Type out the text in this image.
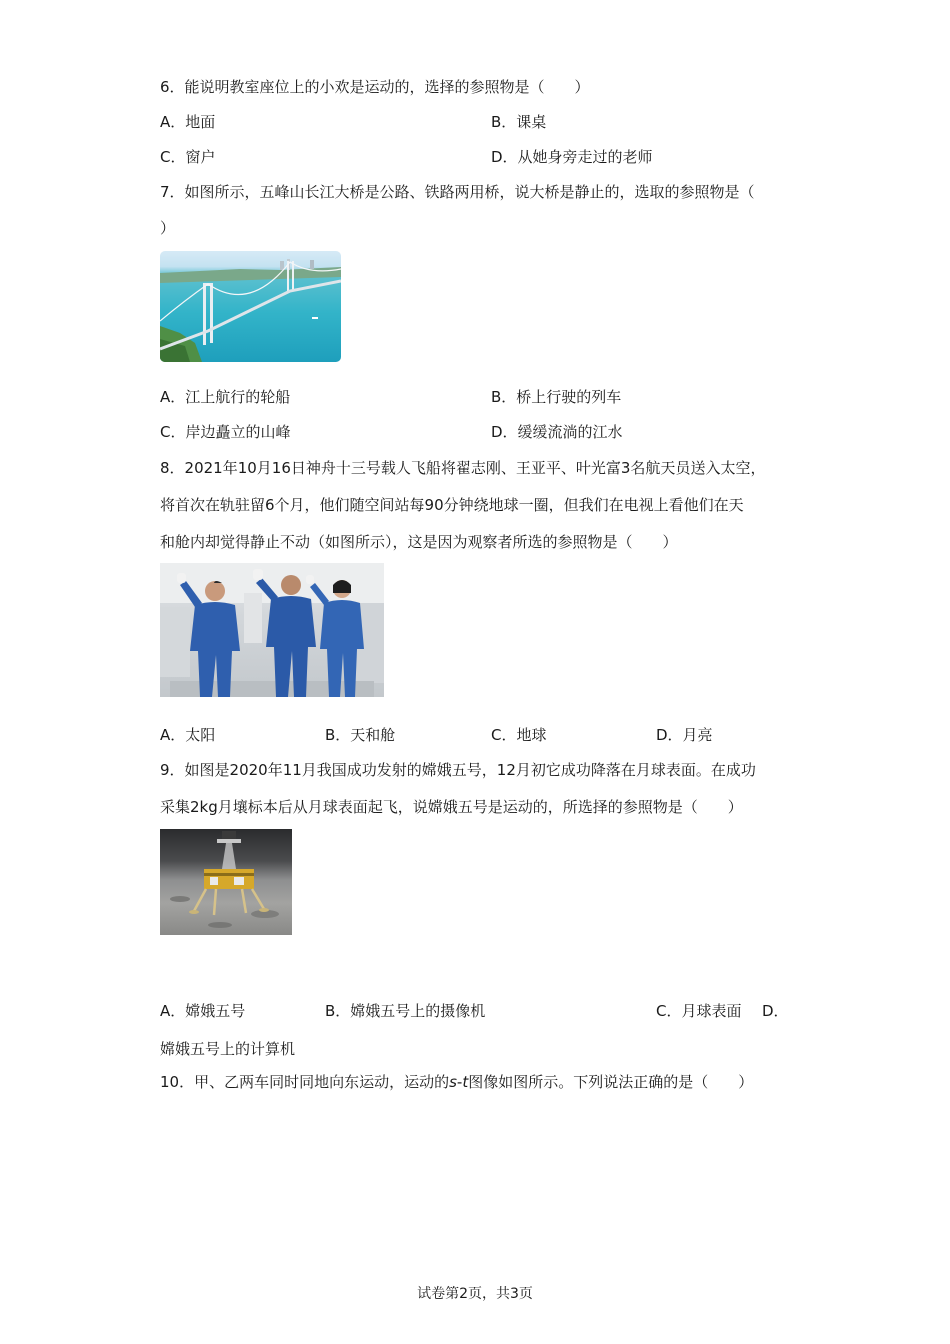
6．能说明教室座位上的小欢是运动的，选择的参照物是（　　）
A．地面	B．课桌
C．窗户	D．从她身旁走过的老师
7．如图所示，五峰山长江大桥是公路、铁路两用桥，说大桥是静止的，选取的参照物是（
）
A．江上航行的轮船	B．桥上行驶的列车
C．岸边矗立的山峰	D．缓缓流淌的江水
8．2021年10月16日神舟十三号载人飞船将翟志刚、王亚平、叶光富3名航天员送入太空，
将首次在轨驻留6个月，他们随空间站每90分钟绕地球一圈，但我们在电视上看他们在天
和舱内却觉得静止不动（如图所示），这是因为观察者所选的参照物是（　　）
A．太阳	B．天和舱	C．地球	D．月亮
9．如图是2020年11月我国成功发射的嫦娥五号，12月初它成功降落在月球表面。在成功
采集2kg月壤标本后从月球表面起飞，说嫦娥五号是运动的，所选择的参照物是（　　）
A．嫦娥五号	B．嫦娥五号上的摄像机	C．月球表面 D．
嫦娥五号上的计算机
10．甲、乙两车同时同地向东运动，运动的s-t图像如图所示。下列说法正确的是（　　）
试卷第2页，共3页
